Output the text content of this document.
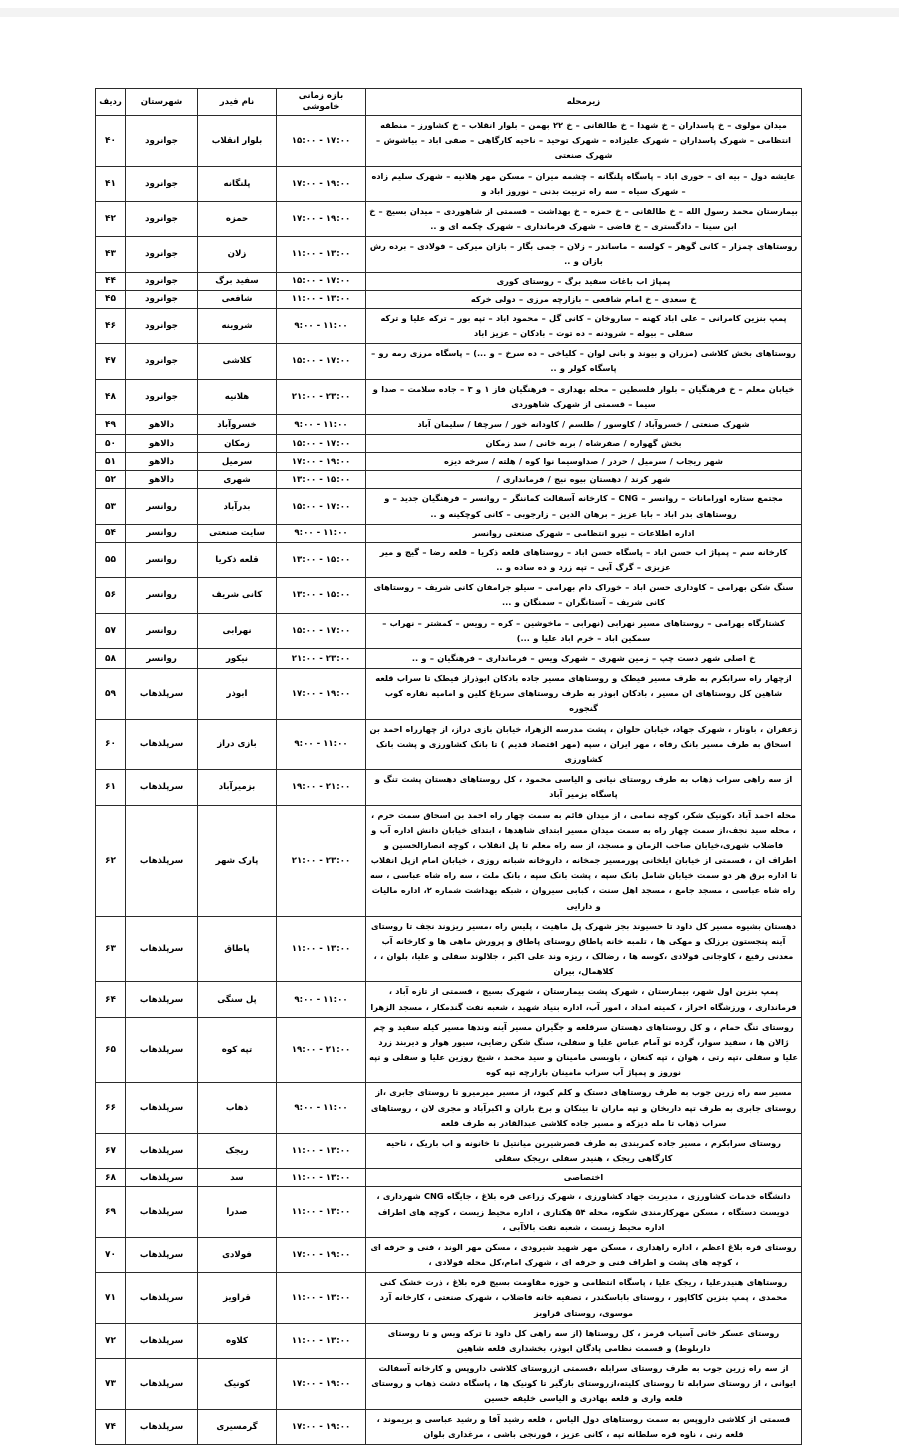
زیرمحله	بازه زمانی خاموشی	نام فیدر	شهرستان	ردیف
میدان مولوی – خ پاسداران – خ شهدا – خ طالقانی – خ ۲۲ بهمن – بلوار انقلاب – خ کشاورز – منطقه انتظامی – شهرک پاسداران – شهرک علیزاده – شهرک توحید – ناحیه کارگاهی – صفی اباد – بیاشوش – شهرک صنعتی	۱۷:۰۰ - ۱۵:۰۰	بلوار انقلاب	جوانرود	۴۰
عایشه دول – بیه ای – حوری اباد – پاسگاه پلنگانه – چشمه میران – مسکن مهر هلانیه – شهرک سلیم زاده – شهرک سیاه – سه راه تربیت بدنی – نوروز اباد و	۱۹:۰۰ - ۱۷:۰۰	پلنگانه	جوانرود	۴۱
بیمارستان محمد رسول الله – خ طالقانی – خ حمزه – خ بهداشت – قسمتی از شاهوردی – میدان بسیج – خ ابن سینا – دادگستری – خ قاضی – شهرک فرمانداری – شهرک چکمه ای و ..	۱۹:۰۰ - ۱۷:۰۰	حمزه	جوانرود	۴۲
روستاهای چمزار – کانی گوهر – کولسه – ماساندر – زلان – جمی بگار – بازان میرکی – فولادی – برده رش بازان و ..	۱۳:۰۰ - ۱۱:۰۰	زلان	جوانرود	۴۳
پمپاژ اب باغات سفید برگ – روستای کوری	۱۷:۰۰ - ۱۵:۰۰	سفید برگ	جوانرود	۴۴
خ سعدی – خ امام شافعی – بازارچه مرزی – دولی خرکه	۱۳:۰۰ - ۱۱:۰۰	شافعی	جوانرود	۴۵
پمپ بنزین کامرانی – علی اباد کهنه – ساروخان – کانی گل – محمود اباد – تپه بور – ترکه علیا و ترکه سفلی – بیوله – شرودنه – ده توت – بادکان – عزیز اباد	۱۱:۰۰ - ۹:۰۰	شروینه	جوانرود	۴۶
روستاهای بخش کلاشی (مزران و بیوند و بانی لوان – کلیاخی – ده سرخ – و ...) – پاسگاه مرزی رمه رو – پاسگاه کولر و ..	۱۷:۰۰ - ۱۵:۰۰	کلاشی	جوانرود	۴۷
خیابان معلم – خ فرهنگیان – بلوار فلسطین – محله بهداری – فرهنگیان فاز ۱ و ۳ – جاده سلامت – صدا و سیما – قسمتی از شهرک شاهوردی	۲۳:۰۰ - ۲۱:۰۰	هلانیه	جوانرود	۴۸
شهرک صنعتی / خسروآباد / کاوسور / طلسم / کاودانه خور / سرچقا / سلیمان آباد	۱۱:۰۰ - ۹:۰۰	خسروآباد	دالاهو	۴۹
بخش گهواره / صفرشاه / بربه خانی / سد زمکان	۱۷:۰۰ - ۱۵:۰۰	زمکان	دالاهو	۵۰
شهر ریجاب / سرمیل / حردر / صداوسیما نوا کوه / هلته / سرخه دیزه	۱۹:۰۰ - ۱۷:۰۰	سرمیل	دالاهو	۵۱
شهر کرند / دهستان بیوه نیج / فرمانداری /	۱۵:۰۰ - ۱۳:۰۰	شهری	دالاهو	۵۲
مجتمع ستاره اورامانات – روانسر – CNG – کارخانه آسفالت کماننگر – روانسر – فرهنگیان جدید – و روستاهای بدر اباد – بابا عزیز – برهان الدین – زارجوبی – کانی کوچکینه و ..	۱۷:۰۰ - ۱۵:۰۰	بدرآباد	روانسر	۵۳
اداره اطلاعات – نیرو انتظامی – شهرک صنعتی روانسر	۱۱:۰۰ - ۹:۰۰	سایت صنعتی	روانسر	۵۴
کارخانه سم – پمپاژ اب حسن اباد – پاسگاه حسن اباد – روستاهای قلعه ذکریا – قلعه رضا – گیج و میر عزیزی – گرگ آبی – تپه زرد و ده ساده و ..	۱۵:۰۰ - ۱۳:۰۰	قلعه ذکریا	روانسر	۵۵
سنگ شکن بهرامی – کاوداری حسن اباد – خوراک دام بهرامی – سیلو جرامفان کانی شریف – روستاهای کانی شریف – آستانگران – سمنگان و ...	۱۵:۰۰ - ۱۳:۰۰	کانی شریف	روانسر	۵۶
کشتارگاه بهرامی – روستاهای مسیر نهرابی (نهرابی – ماخوشین – کره – رویس – کمشتر – نهراب – سمکین اباد – خرم اباد علیا و ...)	۱۷:۰۰ - ۱۵:۰۰	نهرابی	روانسر	۵۷
خ اصلی شهر دست چپ – زمین شهری – شهرک ویس – فرمانداری – فرهنگیان – و ..	۲۳:۰۰ - ۲۱:۰۰	نیکور	روانسر	۵۸
ازچهار راه سرابکرم به طرف مسیر فیطک و روستاهای مسیر جاده بادکان ابوذراز فیطک تا سراب قلعه شاهین کل روستاهای ان مسیر ، بادکان ابوذر به طرف روستاهای سرباغ کلین و امامیه نقاره کوب گنجوره	۱۹:۰۰ - ۱۷:۰۰	ابوذر	سرپلذهاب	۵۹
زعفران ، باونار ، شهرک جهاد، خیابان حلوان ، پشت مدرسه الزهرا، خیابان بازی دراز، از چهارراه احمد بن اسحاق به طرف مسیر بانک رفاه ، مهر ایران ، سپه (مهر اقتصاد قدیم ) تا بانک کشاورزی و پشت بانک کشاورزی	۱۱:۰۰ - ۹:۰۰	بازی دراز	سرپلذهاب	۶۰
از سه راهی سراب ذهاب به طرف روستای نیانی و الیاسی محمود ، کل روستاهای دهستان پشت تنگ و پاسگاه بزمیر آباد	۲۱:۰۰ - ۱۹:۰۰	بزمیرآباد	سرپلذهاب	۶۱
محله احمد آباد ،کونیک شکر، کوچه نمامی ، از میدان قائم به سمت چهار راه احمد بن اسحاق سمت حرم ، ، محله سید نجف،از سمت چهار راه به سمت میدان مسیر ابتدای شاهدها ، ابتدای خیابان دانش اداره آب و فاضلاب شهری،خیابان صاحب الزمان و مسجد، از سه راه معلم تا پل انقلاب ، کوچه انصارالحسین و اطراف ان ، قسمتی از خیابان ایلخانی پورمسیر جمخانه ، داروخانه شبانه روزی ، خیابان امام ازپل انقلاب تا اداره برق هر دو سمت خیابان شامل بانک سپه ، پشت بانک سپه ، بانک ملت ، سه راه شاه عباسی ، سه راه شاه عباسی ، مسجد جامع ، مسجد اهل سنت ، کبابی سیروان ، شبکه بهداشت شماره ۲، اداره مالیات و دارایی	۲۳:۰۰ - ۲۱:۰۰	پارک شهر	سرپلذهاب	۶۲
دهستان بشیوه مسیر کل داود تا حسیوند بجز شهرک پل ماهیت ، پلیس راه ،مسیر ریزوند نجف تا روستای آینه پنجستون برزلک و مهکی ها ، تلمبه خانه پاطاق روستای پاطاق و پرورش ماهی ها و کارخانه آب معدنی رفیع ، کاوجانی فولادی ،کوسه ها ، رضالک ، ریزه وند علی اکبر ، جلالوند سفلی و علیا، بلوان ، ، کلاهمال، بیران	۱۳:۰۰ - ۱۱:۰۰	پاطاق	سرپلذهاب	۶۳
پمپ بنزین اول شهر، بیمارستان ، شهرک پشت بیمارستان ، شهرک بسیج ، قسمتی از تازه آباد ، فرمانداری ، ورزشگاه احراز ، کمیته امداد ، امور آب، اداره بنیاد شهید ، شعبه نفت گندمکار ، مسجد الزهرا	۱۱:۰۰ - ۹:۰۰	پل سنگی	سرپلذهاب	۶۴
روستای تنگ حمام ، و کل روستاهای دهستان سرقلعه و جگیران مسیر آینه وندها مسیر کیله سفید و چم ژالان ها ، سفید سوار، گرده تو آمام عباس علیا و سفلی، سنگ شکن رضایی، سیور هوار و دیربند زرد علیا و سفلی ،تپه رتی ، هوان ، تپه کنعان ، باویسی مامینان و سید محمد ، شیخ روزین علیا و سفلی و تپه نوروز و پمپاژ آب سراب مامینان بازارچه تپه کوه	۲۱:۰۰ - ۱۹:۰۰	تپه کوه	سرپلذهاب	۶۵
مسیر سه راه زرین جوب به طرف روستاهای دستک و کلم کبود، از مسیر میرمیرو تا روستای جابری ،از روستای جابری به طرف تپه داربخان و تپه ماران تا بینکان و برخ باران و اکبرآباد و مجری لان ، روستاهای سراب ذهاب تا مله دیزکه و مسیر جاده کلاشی عبدالقادر به طرف قلعه	۱۱:۰۰ - ۹:۰۰	ذهاب	سرپلذهاب	۶۶
روستای سرابکرم ، مسیر جاده کمربندی به طرف قصرشیرین میانتیل تا خانونه و اب باریک ، ناحیه کارگاهی ریجک ، هنیدر سفلی ،ریجک سفلی	۱۳:۰۰ - ۱۱:۰۰	ریجک	سرپلذهاب	۶۷
اختصاصی	۱۳:۰۰ - ۱۱:۰۰	سد	سرپلذهاب	۶۸
دانشگاه خدمات کشاورزی ، مدیریت جهاد کشاورزی ، شهرک زراعی قره بلاغ ، جایگاه CNG شهرداری ، دویست دستگاه ، مسکن مهرکارمندی شکوه، محله ۵۴ هکتاری ، اداره محیط زیست ، کوچه های اطراف اداره محیط زیست ، شعبه نفت بالاآبی ،	۱۳:۰۰ - ۱۱:۰۰	صدرا	سرپلذهاب	۶۹
روستای قره بلاغ اعظم ، اداره راهداری ، مسکن مهر شهید شیرودی ، مسکن مهر الوند ، فنی و حرفه ای ، کوچه های پشت و اطراف فنی و حرفه ای ، شهرک امام،کل محله فولادی ،	۱۹:۰۰ - ۱۷:۰۰	فولادی	سرپلذهاب	۷۰
روستاهای هنیدرعلیا ، ریجک علیا ، پاسگاه انتظامی و حوزه مقاومت بسیج قره بلاغ ، ذرت خشک کنی محمدی ، پمپ بنزین کاکاپور ، روستای باباسکندر ، تصفیه خانه فاضلاب ، شهرک صنعتی ، کارخانه آرد موسوی، روستای قراویز	۱۳:۰۰ - ۱۱:۰۰	قراویز	سرپلذهاب	۷۱
روستای عسکر خانی آسیاب قرمز ، کل روستاها (از سه راهی کل داود تا ترکه ویس و تا روستای داربلوط) و قسمت نظامی پادگان ابوذر، بخشداری قلعه شاهین	۱۳:۰۰ - ۱۱:۰۰	کلاوه	سرپلذهاب	۷۲
از سه راه زرین جوب به طرف روستای سرابله ،قسمتی ازروستای کلاشی داروپس و کارخانه آسفالت ایوانی ، از روستای سرابله تا روستای کلیته،ازروستای بازگیر تا کونیک ها ، پاسگاه دشت ذهاب و روستای قلعه واری و قلعه بهادری و الیاسی خلیفه حسین	۱۹:۰۰ - ۱۷:۰۰	کونیک	سرپلذهاب	۷۳
قسمتی از کلاشی داروپس به سمت روستاهای دول الیاس ، قلعه رشید آقا و رشید عباسی و بریموند ، قلعه رنی ، ناوه قره سلطانه تپه ، کانی عزیز ، قورنجی باشی ، مرغداری بلوان	۱۹:۰۰ - ۱۷:۰۰	گرمسیری	سرپلذهاب	۷۴
